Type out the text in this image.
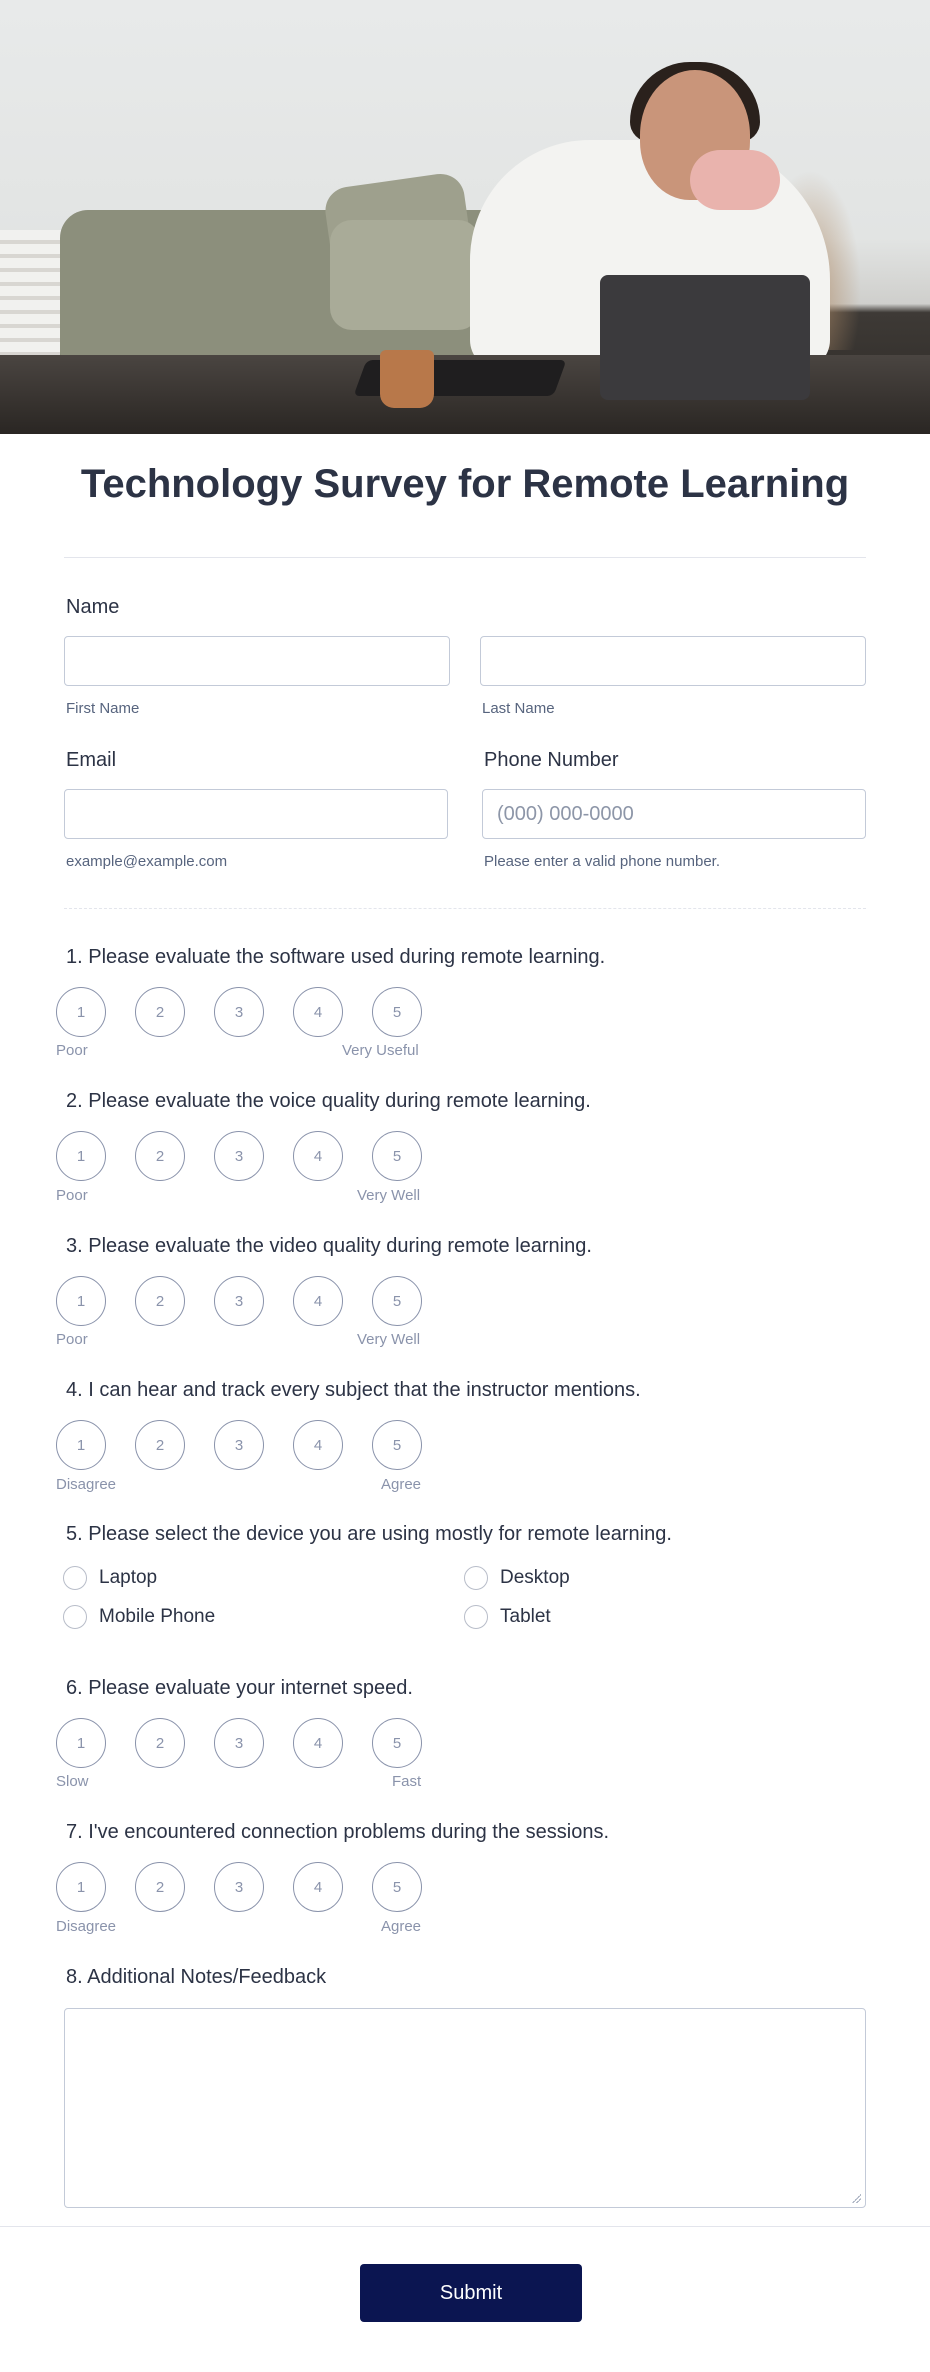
Technology Survey for Remote Learning
Name
First Name	Last Name
Email
example@example.com
Phone Number
(000) 000-0000
Please enter a valid phone number.
1. Please evaluate the software used during remote learning.
1	2	3	4	5
Poor	Very Useful
2. Please evaluate the voice quality during remote learning.
1	2	3	4	5
Poor	Very Well
3. Please evaluate the video quality during remote learning.
1	2	3	4	5
Poor	Very Well
4. I can hear and track every subject that the instructor mentions.
1	2	3	4	5
Disagree	Agree
5. Please select the device you are using mostly for remote learning.
Laptop	Desktop
Mobile Phone	Tablet
6. Please evaluate your internet speed.
1	2	3	4	5
Slow	Fast
7. I've encountered connection problems during the sessions.
1	2	3	4	5
Disagree	Agree
8. Additional Notes/Feedback
Submit
